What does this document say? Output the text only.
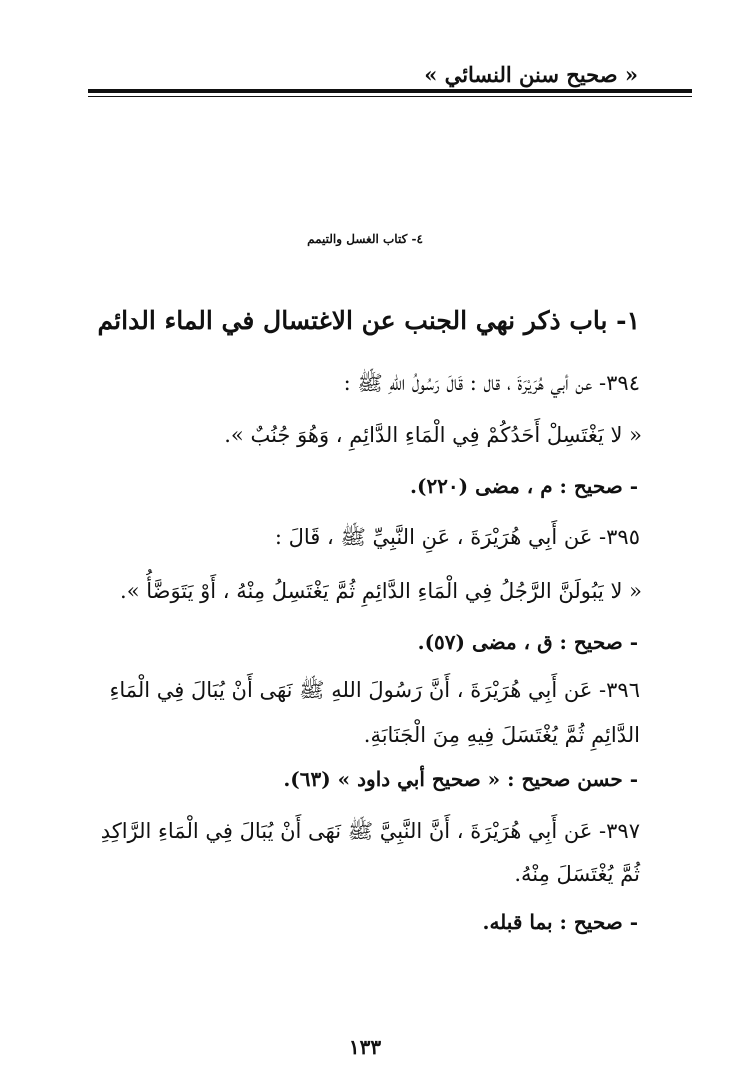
« صحيح سنن النسائي »
٤- كتاب الغسل والتيمم
١- باب ذكر نهي الجنب عن الاغتسال في الماء الدائم
٣٩٤- عن أبي هُرَيْرَةَ ، قال : قَالَ رَسُولُ اللهِ ﷺ :
« لا يَغْتَسِلْ أَحَدُكُمْ فِي الْمَاءِ الدَّائِمِ ، وَهُوَ جُنُبٌ ».
- صحيح : م ، مضى (٢٢٠).
٣٩٥- عَن أَبِي هُرَيْرَةَ ، عَنِ النَّبِيِّ ﷺ ، قَالَ :
« لا يَبُولَنَّ الرَّجُلُ فِي الْمَاءِ الدَّائِمِ ثُمَّ يَغْتَسِلُ مِنْهُ ، أَوْ يَتَوَضَّأُ ».
- صحيح : ق ، مضى (٥٧).
٣٩٦- عَن أَبِي هُرَيْرَةَ ، أَنَّ رَسُولَ اللهِ ﷺ نَهَى أَنْ يُبَالَ فِي الْمَاءِ
الدَّائِمِ ثُمَّ يُغْتَسَلَ فِيهِ مِنَ الْجَنَابَةِ.
- حسن صحيح : « صحيح أبي داود » (٦٣).
٣٩٧- عَن أَبِي هُرَيْرَةَ ، أَنَّ النَّبِيَّ ﷺ نَهَى أَنْ يُبَالَ فِي الْمَاءِ الرَّاكِدِ
ثُمَّ يُغْتَسَلَ مِنْهُ.
- صحيح : بما قبله.
١٣٣
